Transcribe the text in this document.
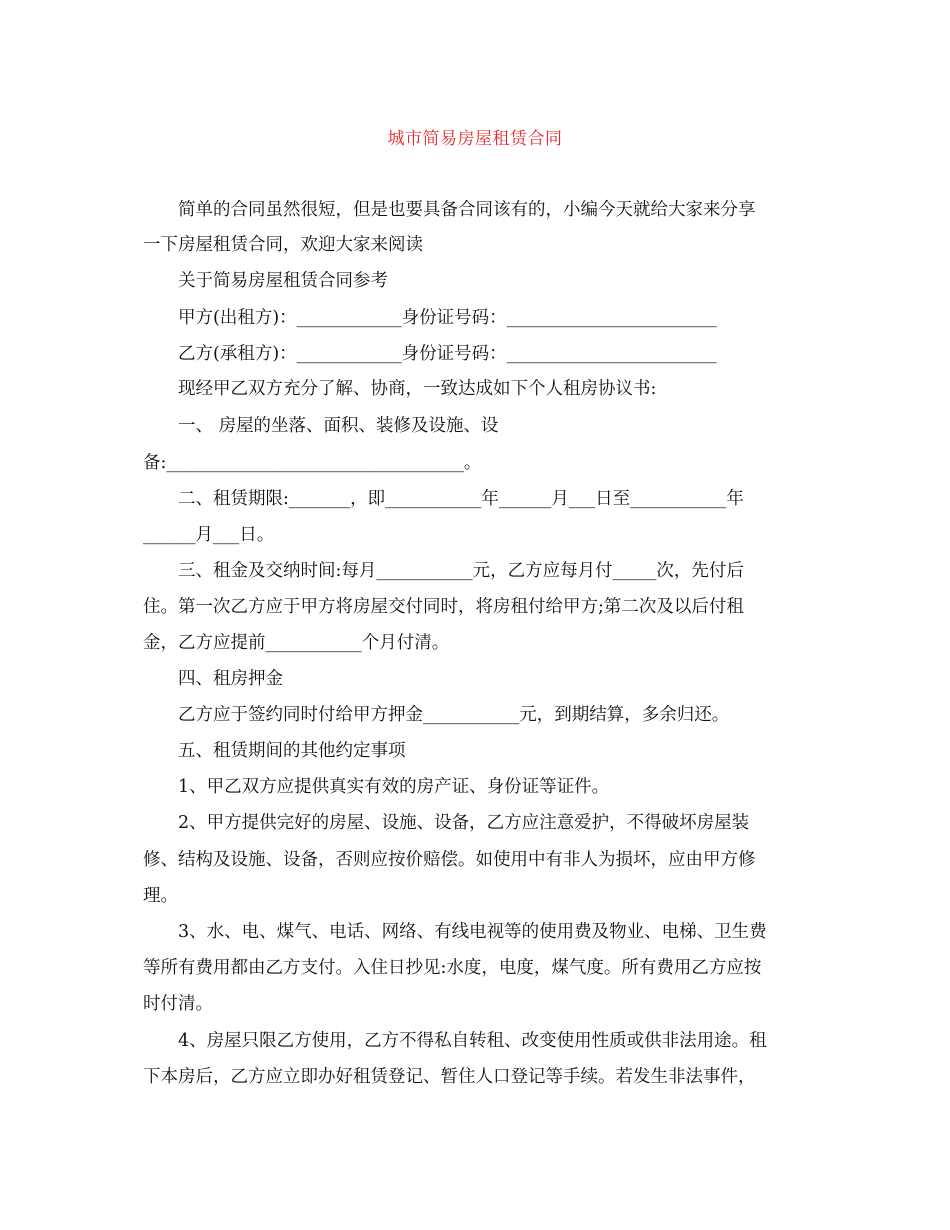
城市简易房屋租赁合同
简单的合同虽然很短，但是也要具备合同该有的，小编今天就给大家来分享
一下房屋租赁合同，欢迎大家来阅读
关于简易房屋租赁合同参考
甲方(出租方)：____________身份证号码：________________________
乙方(承租方)：____________身份证号码：________________________
现经甲乙双方充分了解、协商，一致达成如下个人租房协议书:
一、 房屋的坐落、面积、装修及设施、设
备:__________________________________。
二、租赁期限:_______，即___________年______月___日至___________年
______月___日。
三、租金及交纳时间:每月___________元，乙方应每月付_____次，先付后
住。第一次乙方应于甲方将房屋交付同时，将房租付给甲方;第二次及以后付租
金，乙方应提前___________个月付清。
四、租房押金
乙方应于签约同时付给甲方押金___________元，到期结算，多余归还。
五、租赁期间的其他约定事项
1、甲乙双方应提供真实有效的房产证、身份证等证件。
2、甲方提供完好的房屋、设施、设备，乙方应注意爱护，不得破坏房屋装
修、结构及设施、设备，否则应按价赔偿。如使用中有非人为损坏，应由甲方修
理。
3、水、电、煤气、电话、网络、有线电视等的使用费及物业、电梯、卫生费
等所有费用都由乙方支付。入住日抄见:水度，电度，煤气度。所有费用乙方应按
时付清。
4、房屋只限乙方使用，乙方不得私自转租、改变使用性质或供非法用途。租
下本房后，乙方应立即办好租赁登记、暂住人口登记等手续。若发生非法事件，
